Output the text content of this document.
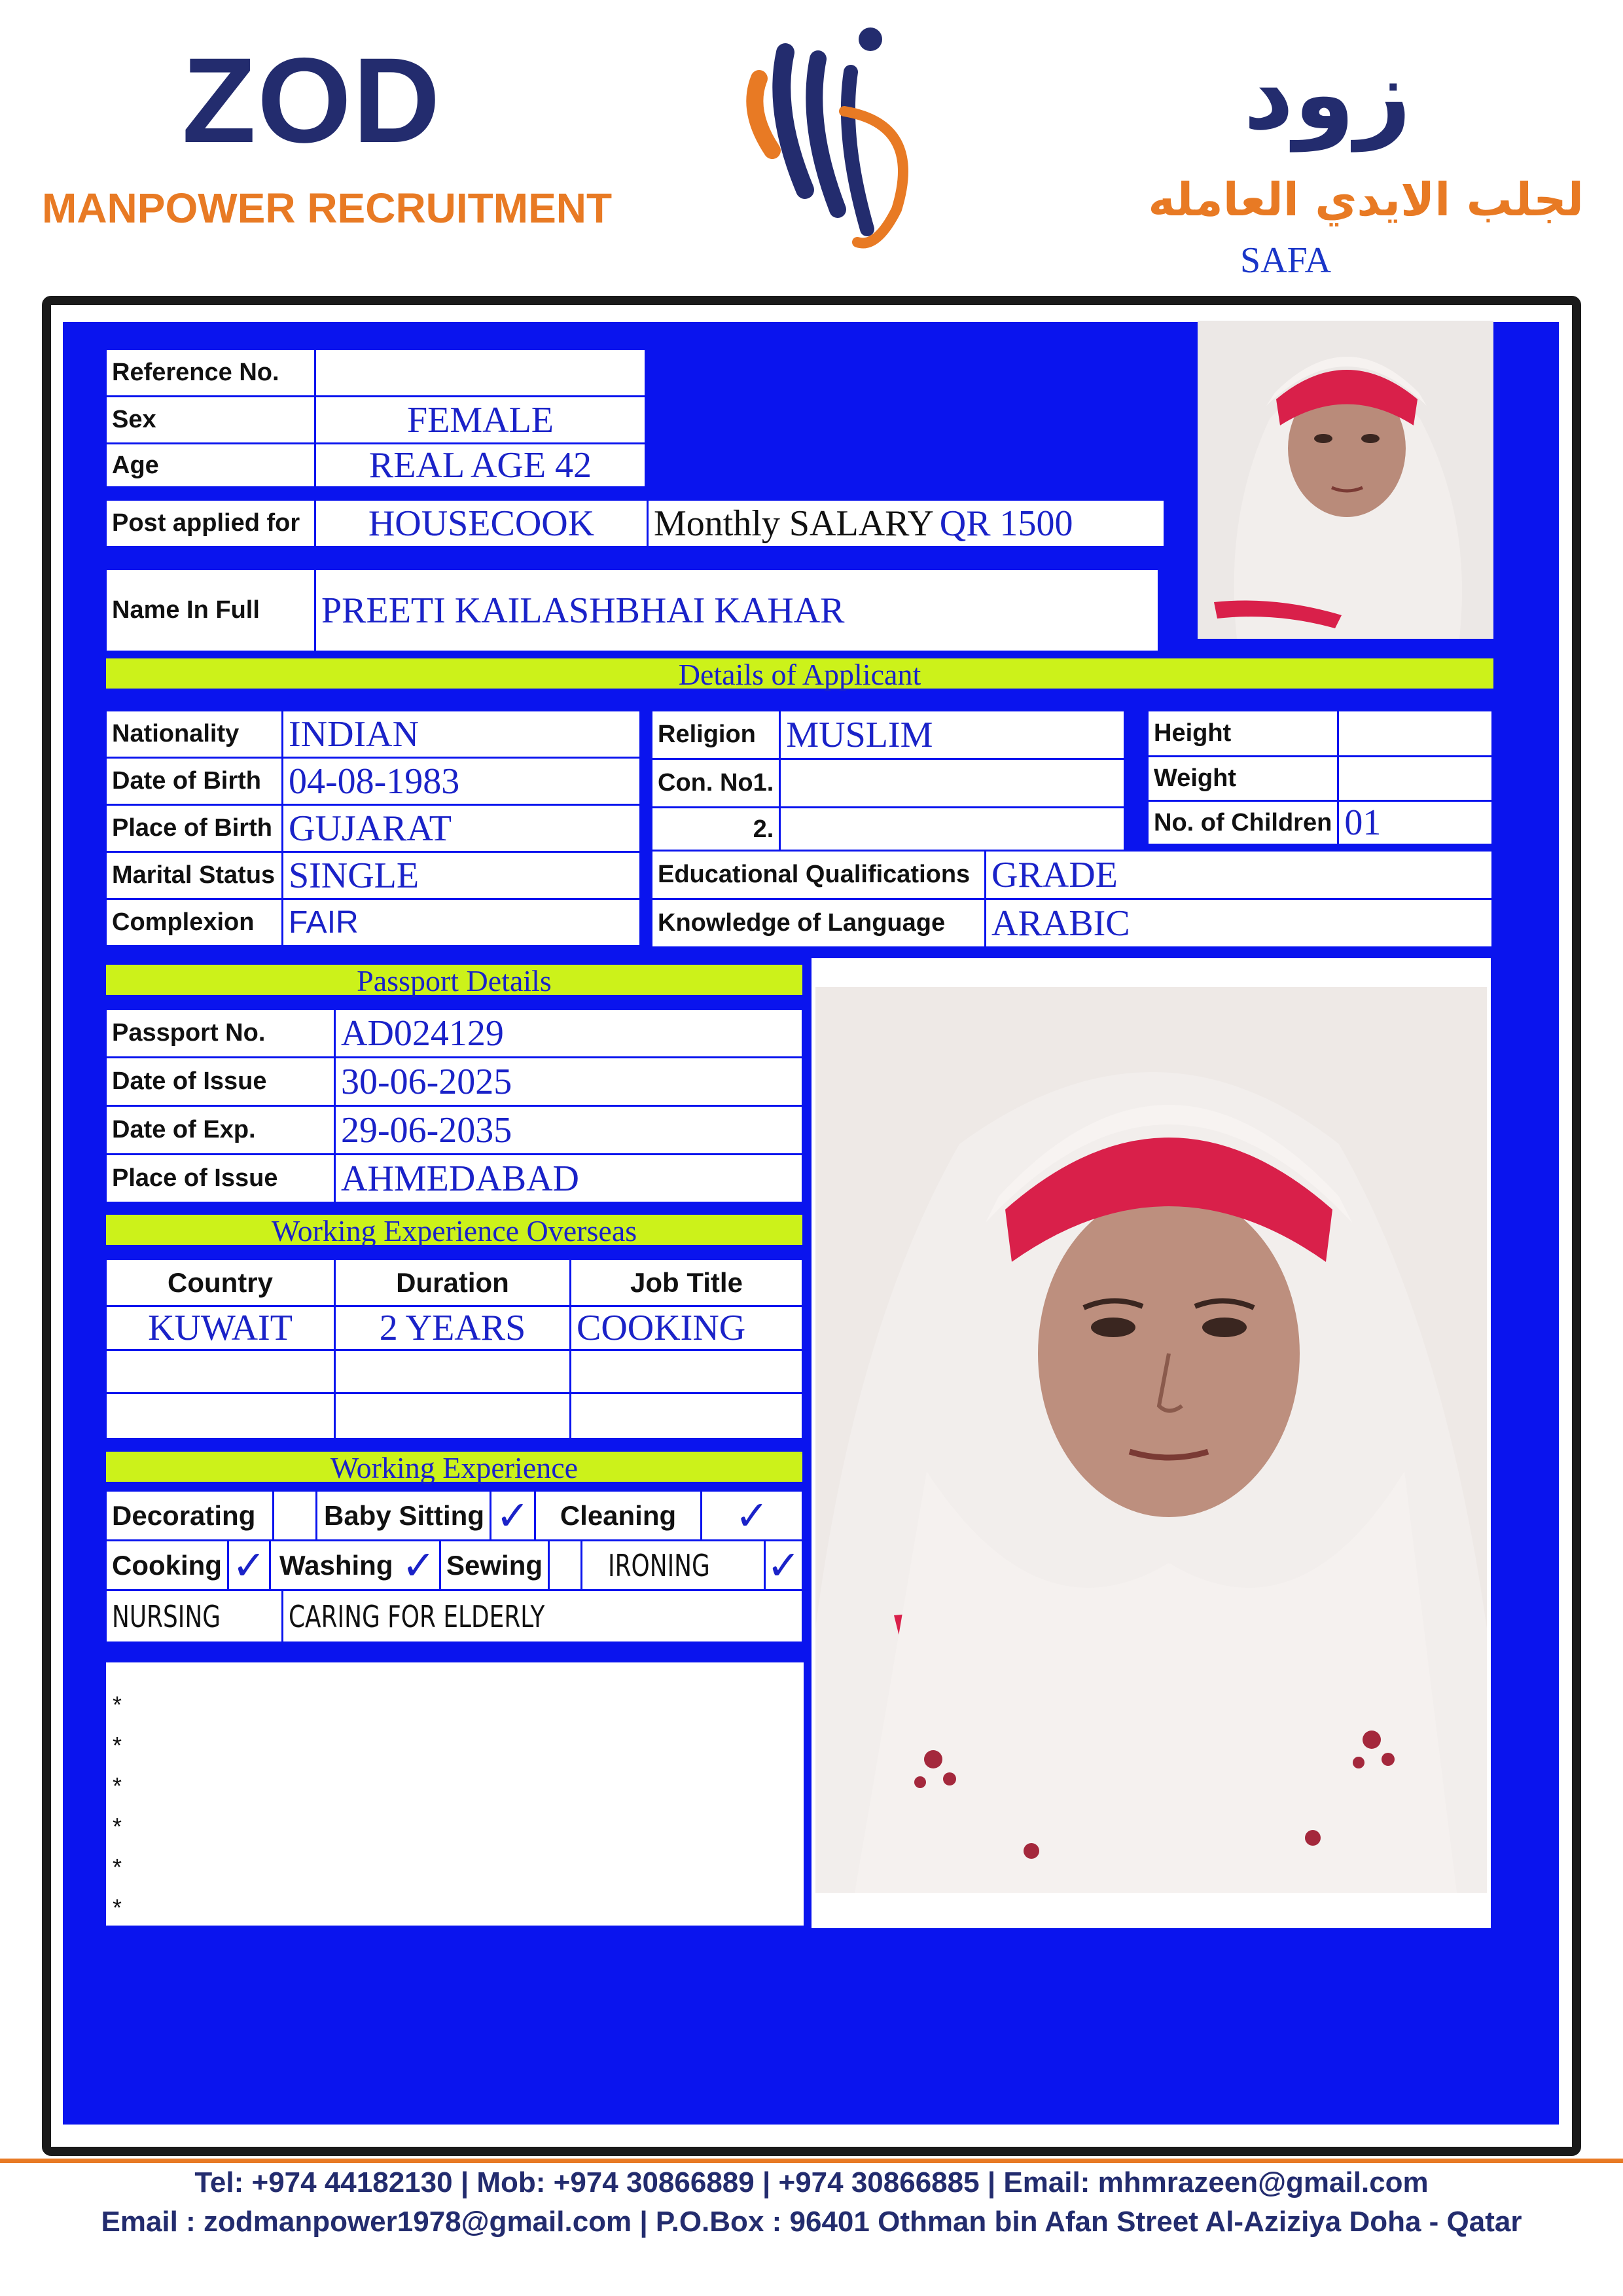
ZOD
MANPOWER RECRUITMENT
زود
لجلب الايدي العامله
SAFA
Reference No.	
Sex	FEMALE
Age	REAL AGE 42
Post applied for	HOUSECOOK	Monthly SALARY QR 1500
Name In Full	PREETI KAILASHBHAI KAHAR
Details of Applicant
Nationality	INDIAN
Date of Birth	04-08-1983
Place of Birth	GUJARAT
Marital Status	SINGLE
Complexion	FAIR
Religion	MUSLIM
Con. No1.	
2.	
Height	
Weight	
No. of Children	01
Educational Qualifications	GRADE
Knowledge of Language	ARABIC
Passport Details
Passport No.	AD024129
Date of Issue	30-06-2025
Date of Exp.	29-06-2035
Place of Issue	AHMEDABAD
Working Experience Overseas
Country	Duration	Job Title
KUWAIT	2 YEARS	COOKING

Working Experience
Decorating		Baby Sitting	✓	Cleaning	✓
Cooking	✓	Washing	✓	Sewing		IRONING	✓
NURSING	CARING FOR ELDERLY
*
*
*
*
*
*
Tel: +974 44182130 | Mob: +974 30866889 | +974 30866885 | Email: mhmrazeen@gmail.com
Email : zodmanpower1978@gmail.com | P.O.Box : 96401 Othman bin Afan Street Al-Aziziya Doha - Qatar
